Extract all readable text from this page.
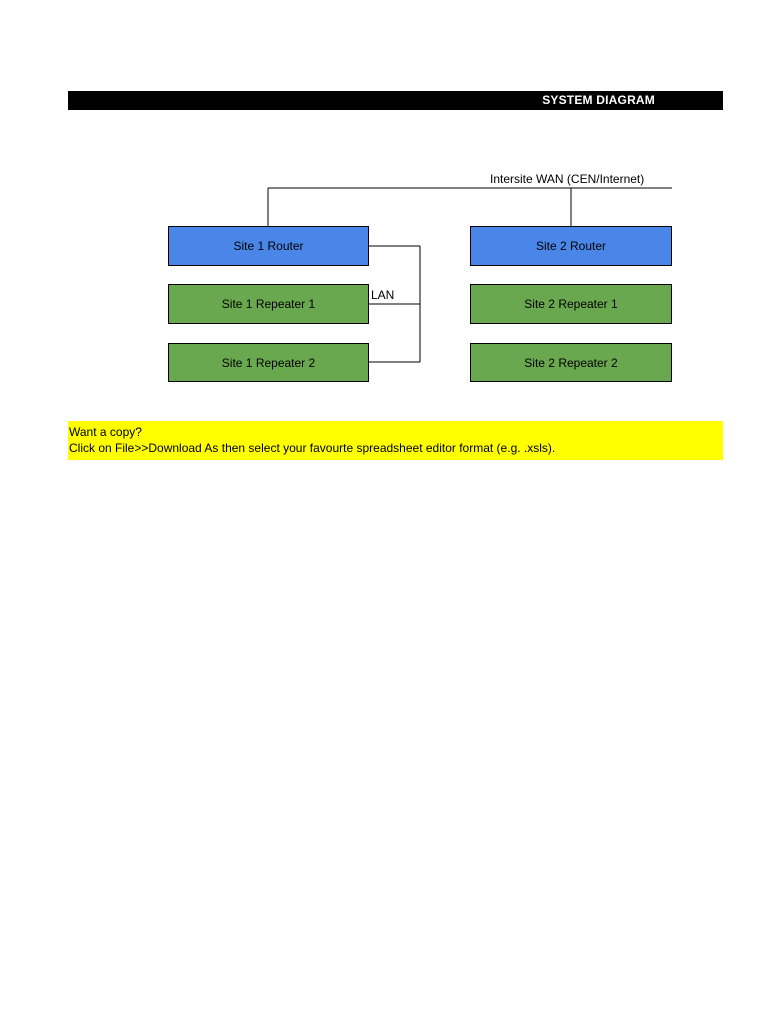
SYSTEM DIAGRAM
Intersite WAN (CEN/Internet)
LAN
Site 1 Router	Site 2 Router
Site 1 Repeater 1	Site 2 Repeater 1
Site 1 Repeater 2	Site 2 Repeater 2
Want a copy?
Click on File>>Download As then select your favourte spreadsheet editor format (e.g. .xsls).
